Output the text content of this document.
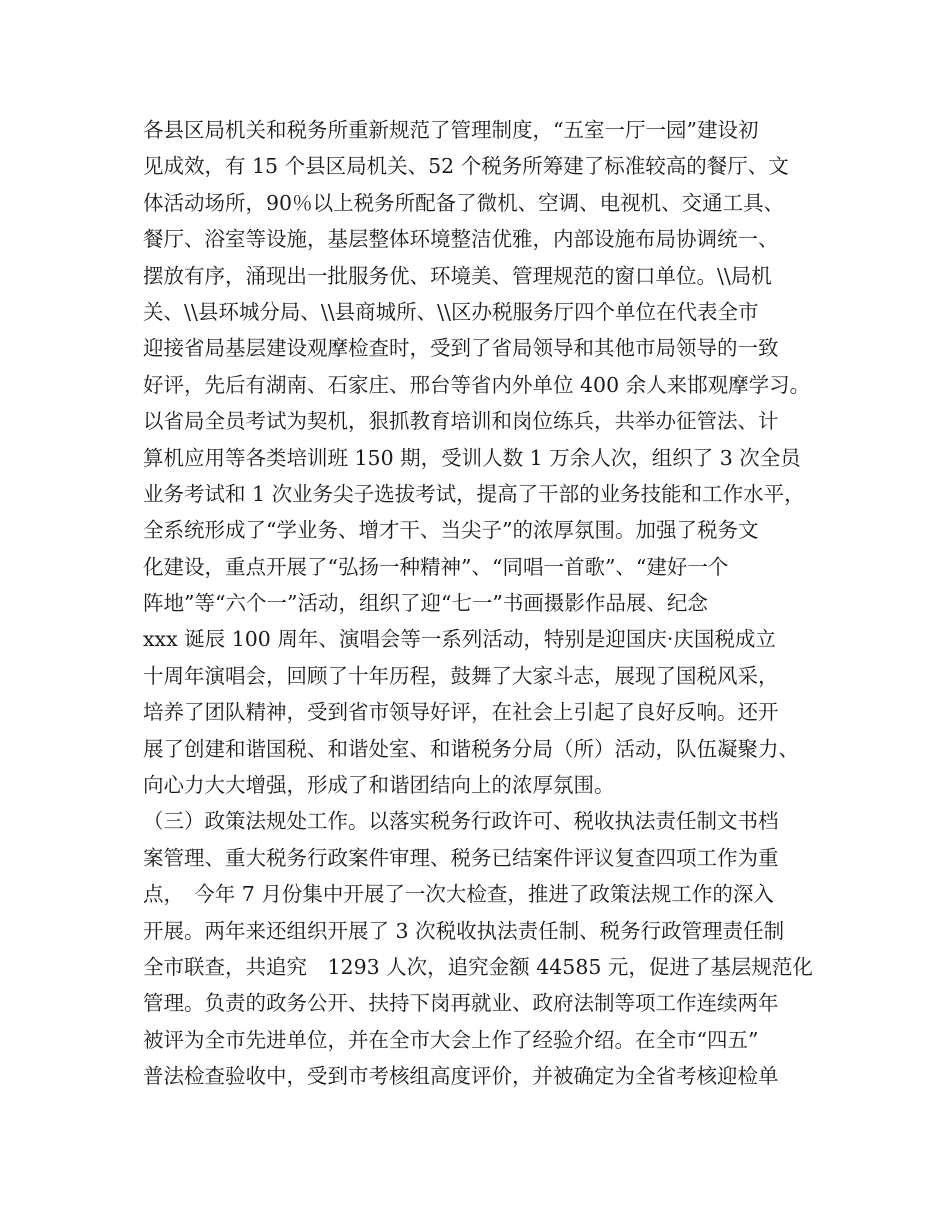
各县区局机关和税务所重新规范了管理制度，“五室一厅一园”建设初
见成效，有 15 个县区局机关、52 个税务所筹建了标准较高的餐厅、文
体活动场所，90％以上税务所配备了微机、空调、电视机、交通工具、
餐厅、浴室等设施，基层整体环境整洁优雅，内部设施布局协调统一、
摆放有序，涌现出一批服务优、环境美、管理规范的窗口单位。\\局机
关、\\县环城分局、\\县商城所、\\区办税服务厅四个单位在代表全市
迎接省局基层建设观摩检查时，受到了省局领导和其他市局领导的一致
好评，先后有湖南、石家庄、邢台等省内外单位 400 余人来邯观摩学习。
以省局全员考试为契机，狠抓教育培训和岗位练兵，共举办征管法、计
算机应用等各类培训班 150 期，受训人数 1 万余人次，组织了 3 次全员
业务考试和 1 次业务尖子选拔考试，提高了干部的业务技能和工作水平，
全系统形成了“学业务、增才干、当尖子”的浓厚氛围。加强了税务文
化建设，重点开展了“弘扬一种精神”、“同唱一首歌”、“建好一个
阵地”等“六个一”活动，组织了迎“七一”书画摄影作品展、纪念
xxx 诞辰 100 周年、演唱会等一系列活动，特别是迎国庆·庆国税成立
十周年演唱会，回顾了十年历程，鼓舞了大家斗志，展现了国税风采，
培养了团队精神，受到省市领导好评，在社会上引起了良好反响。还开
展了创建和谐国税、和谐处室、和谐税务分局（所）活动，队伍凝聚力、
向心力大大增强，形成了和谐团结向上的浓厚氛围。
（三）政策法规处工作。以落实税务行政许可、税收执法责任制文书档
案管理、重大税务行政案件审理、税务已结案件评议复查四项工作为重
点，　今年 7 月份集中开展了一次大检查，推进了政策法规工作的深入
开展。两年来还组织开展了 3 次税收执法责任制、税务行政管理责任制
全市联查，共追究　1293 人次，追究金额 44585 元，促进了基层规范化
管理。负责的政务公开、扶持下岗再就业、政府法制等项工作连续两年
被评为全市先进单位，并在全市大会上作了经验介绍。在全市“四五”
普法检查验收中，受到市考核组高度评价，并被确定为全省考核迎检单
